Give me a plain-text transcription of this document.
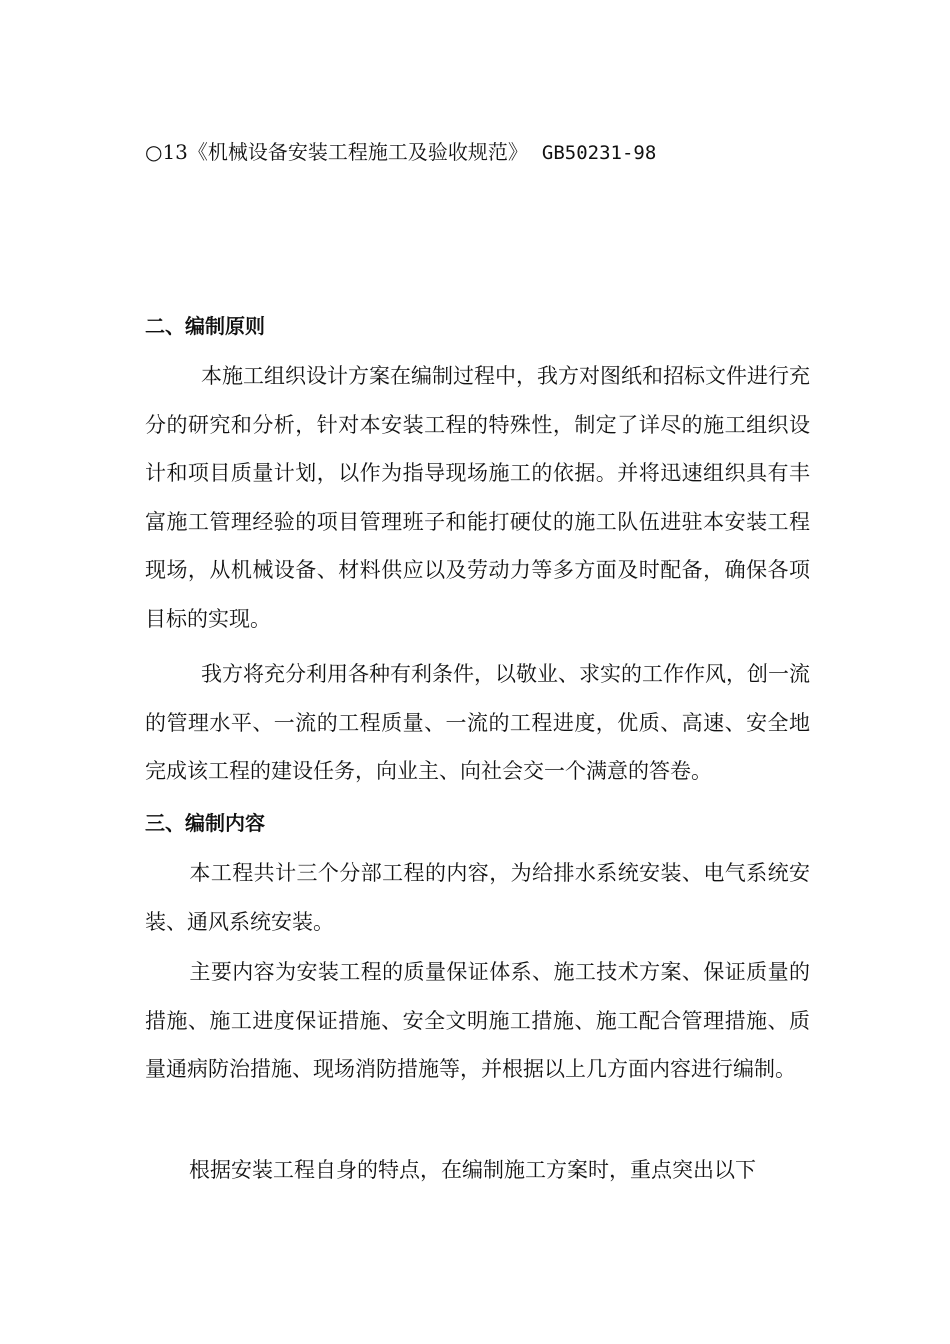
○13《机械设备安装工程施工及验收规范》 GB50231-98
二、编制原则
本施工组织设计方案在编制过程中，我方对图纸和招标文件进行充分的研究和分析，针对本安装工程的特殊性，制定了详尽的施工组织设计和项目质量计划，以作为指导现场施工的依据。并将迅速组织具有丰富施工管理经验的项目管理班子和能打硬仗的施工队伍进驻本安装工程现场，从机械设备、材料供应以及劳动力等多方面及时配备，确保各项目标的实现。
我方将充分利用各种有利条件，以敬业、求实的工作作风，创一流的管理水平、一流的工程质量、一流的工程进度，优质、高速、安全地完成该工程的建设任务，向业主、向社会交一个满意的答卷。
三、编制内容
本工程共计三个分部工程的内容，为给排水系统安装、电气系统安装、通风系统安装。
主要内容为安装工程的质量保证体系、施工技术方案、保证质量的措施、施工进度保证措施、安全文明施工措施、施工配合管理措施、质量通病防治措施、现场消防措施等，并根据以上几方面内容进行编制。
根据安装工程自身的特点，在编制施工方案时，重点突出以下
